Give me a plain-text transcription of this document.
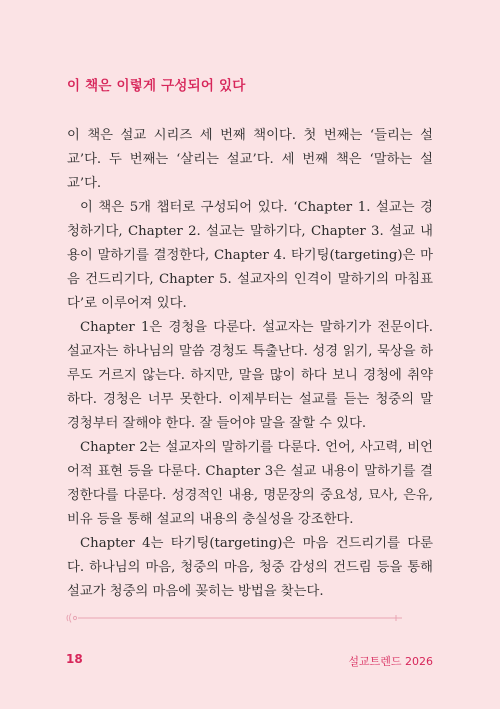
이 책은 이렇게 구성되어 있다

이 책은 설교 시리즈 세 번째 책이다. 첫 번째는 ‘들리는 설교’다. 두 번째는 ‘살리는 설교’다. 세 번째 책은 ‘말하는 설교’다.

이 책은 5개 챕터로 구성되어 있다. ‘Chapter 1. 설교는 경청하기다, Chapter 2. 설교는 말하기다, Chapter 3. 설교 내용이 말하기를 결정한다, Chapter 4. 타기팅(targeting)은 마음 건드리기다, Chapter 5. 설교자의 인격이 말하기의 마침표다’로 이루어져 있다.

Chapter 1은 경청을 다룬다. 설교자는 말하기가 전문이다. 설교자는 하나님의 말씀 경청도 특출난다. 성경 읽기, 묵상을 하루도 거르지 않는다. 하지만, 말을 많이 하다 보니 경청에 취약하다. 경청은 너무 못한다. 이제부터는 설교를 듣는 청중의 말 경청부터 잘해야 한다. 잘 들어야 말을 잘할 수 있다.

Chapter 2는 설교자의 말하기를 다룬다. 언어, 사고력, 비언어적 표현 등을 다룬다. Chapter 3은 설교 내용이 말하기를 결정한다를 다룬다. 성경적인 내용, 명문장의 중요성, 묘사, 은유, 비유 등을 통해 설교의 내용의 충실성을 강조한다.

Chapter 4는 타기팅(targeting)은 마음 건드리기를 다룬다. 하나님의 마음, 청중의 마음, 청중 감성의 건드림 등을 통해 설교가 청중의 마음에 꽂히는 방법을 찾는다.

18	설교트렌드 2026
